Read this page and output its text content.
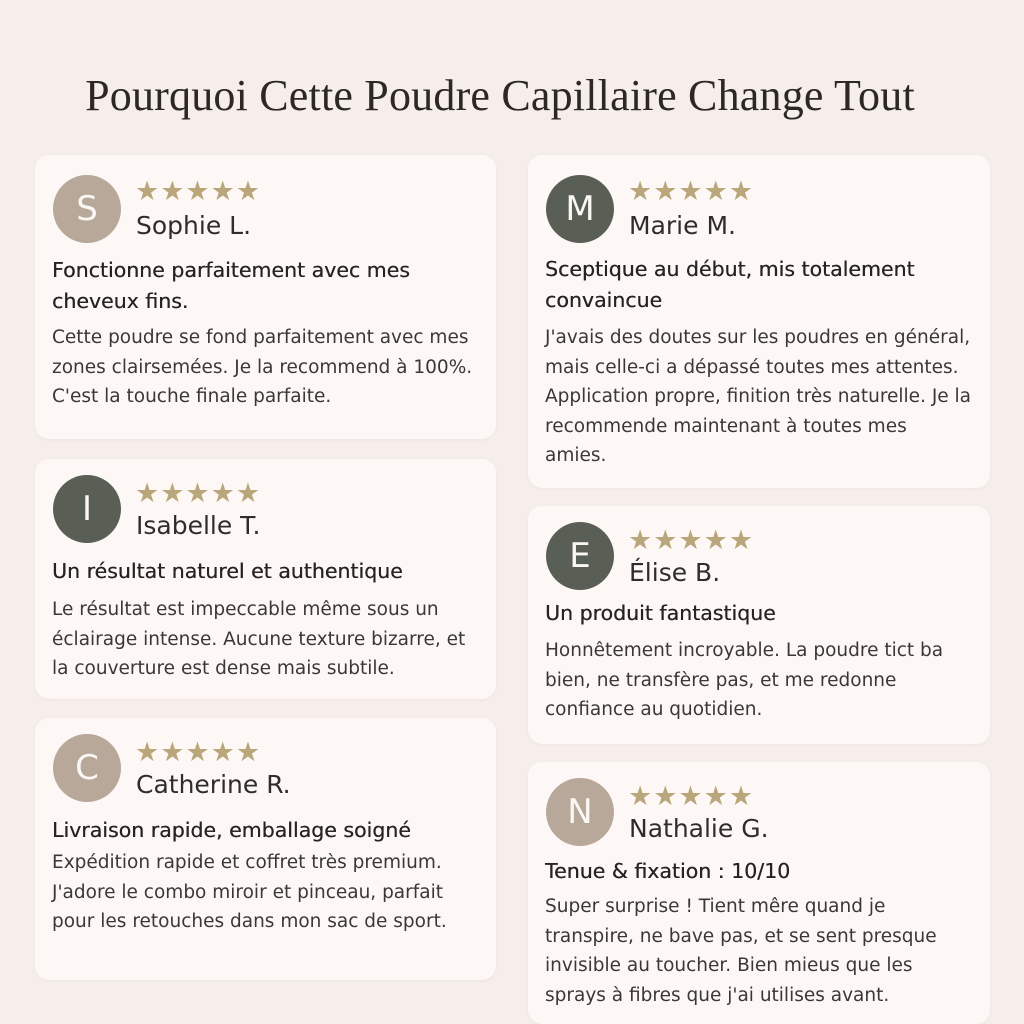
Pourquoi Cette Poudre Capillaire Change Tout
S	★★★★★
Sophie L.
Fonctionne parfaitement avec mes cheveux fins.

Cette poudre se fond parfaitement avec mes zones clairsemées. Je la recommend à 100%. C'est la touche finale parfaite.

I	★★★★★
Isabelle T.
Un résultat naturel et authentique

Le résultat est impeccable même sous un éclairage intense. Aucune texture bizarre, et la couverture est dense mais subtile.

C	★★★★★
Catherine R.
Livraison rapide, emballage soigné

Expédition rapide et coffret très premium. J'adore le combo miroir et pinceau, parfait pour les retouches dans mon sac de sport.

M	★★★★★
Marie M.
Sceptique au début, mis totalement convaincue

J'avais des doutes sur les poudres en général, mais celle-ci a dépassé toutes mes attentes. Application propre, finition très naturelle. Je la recommende maintenant à toutes mes amies.

E	★★★★★
Élise B.
Un produit fantastique

Honnêtement incroyable. La poudre tict ba bien, ne transfère pas, et me redonne confiance au quotidien.

N	★★★★★
Nathalie G.
Tenue & fixation : 10/10

Super surprise ! Tient mêre quand je transpire, ne bave pas, et se sent presque invisible au toucher. Bien mieus que les sprays à fibres que j'ai utilises avant.
